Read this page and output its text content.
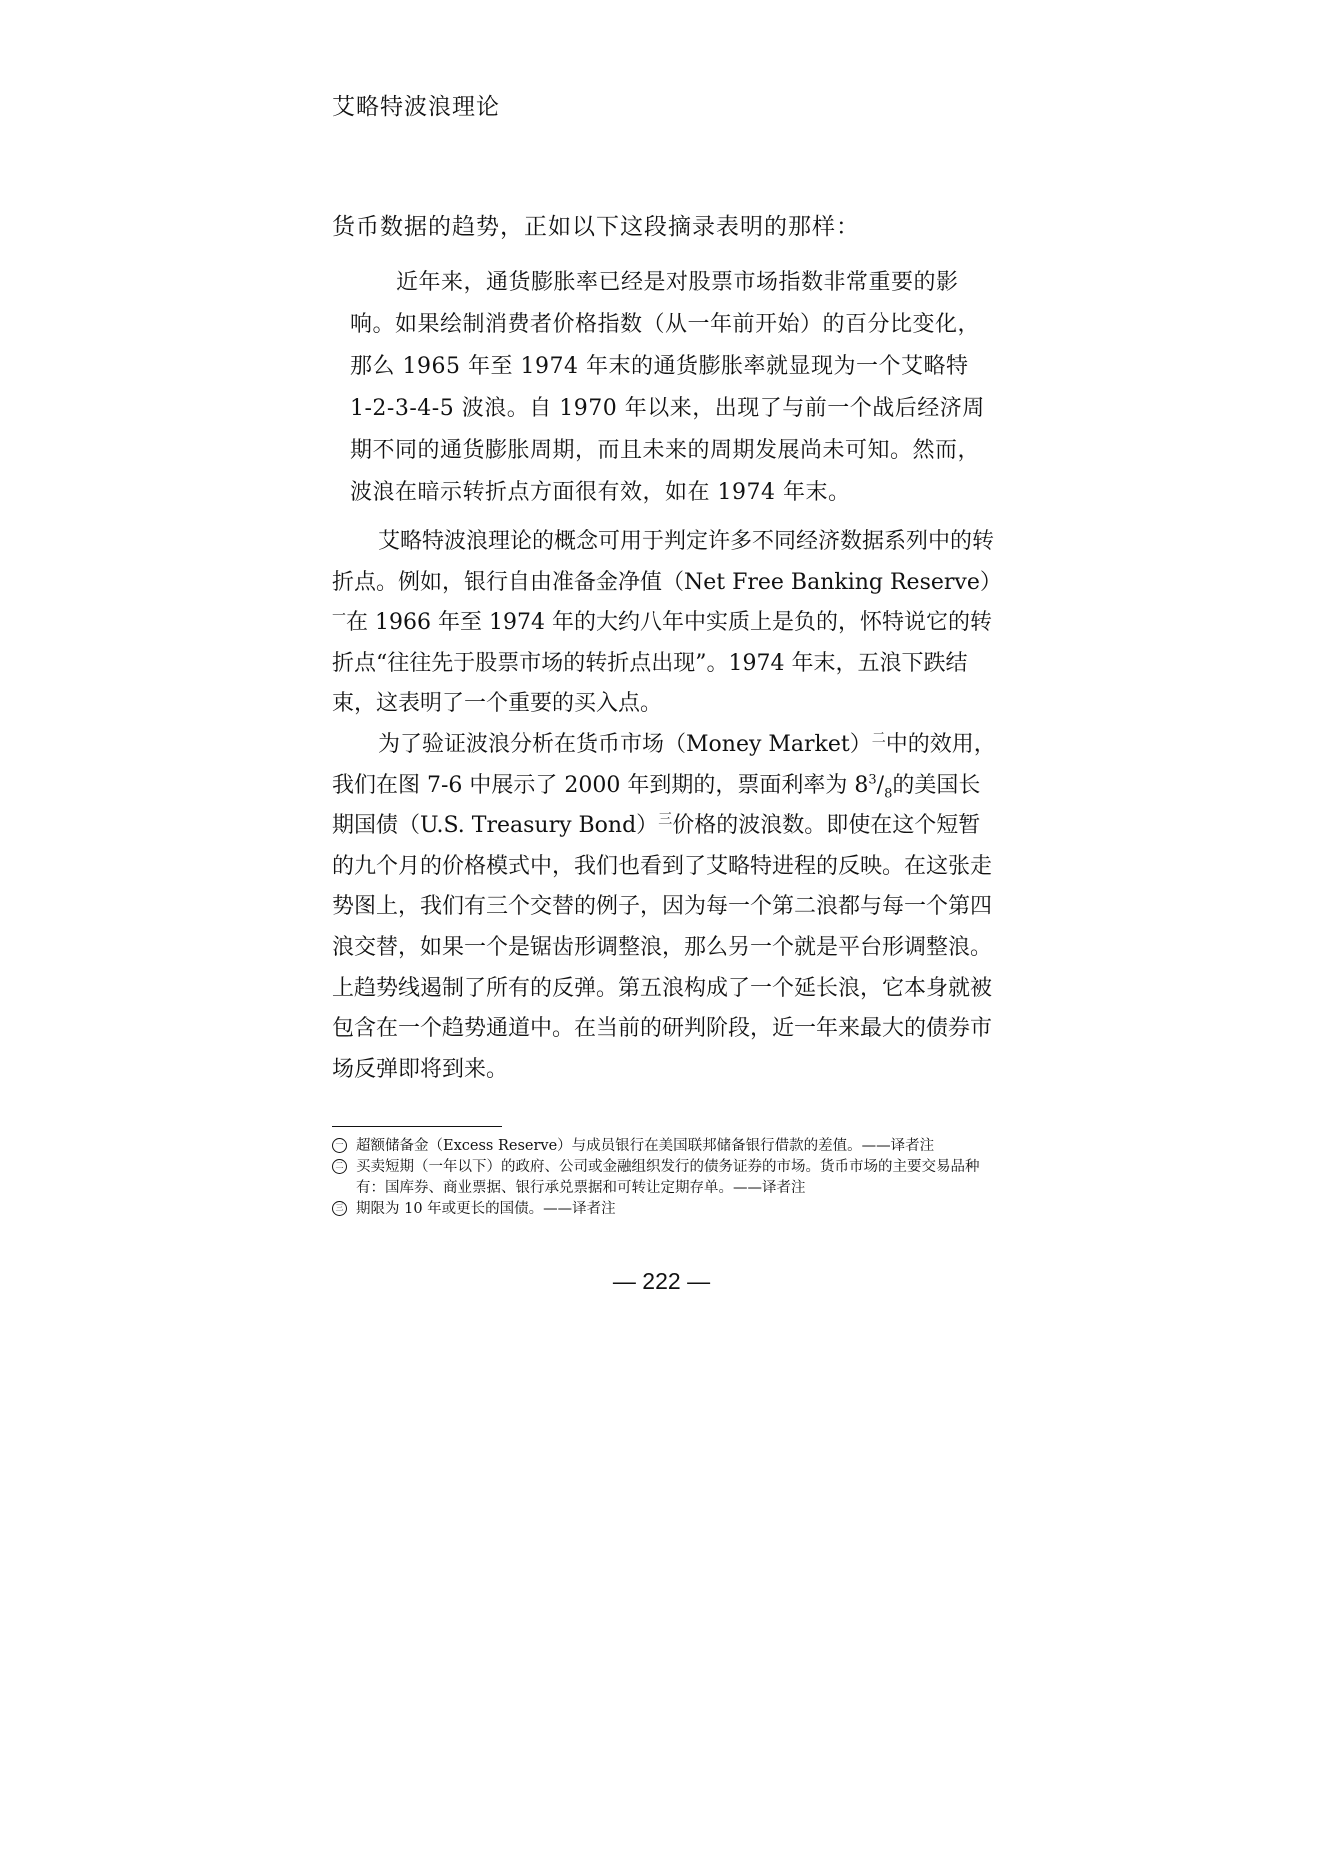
艾略特波浪理论
货币数据的趋势，正如以下这段摘录表明的那样：

近年来，通货膨胀率已经是对股票市场指数非常重要的影响。如果绘制消费者价格指数（从一年前开始）的百分比变化，那么 1965 年至 1974 年末的通货膨胀率就显现为一个艾略特 1-2-3-4-5 波浪。自 1970 年以来，出现了与前一个战后经济周期不同的通货膨胀周期，而且未来的周期发展尚未可知。然而，波浪在暗示转折点方面很有效，如在 1974 年末。

艾略特波浪理论的概念可用于判定许多不同经济数据系列中的转折点。例如，银行自由准备金净值（Net Free Banking Reserve）$^一$在 1966 年至 1974 年的大约八年中实质上是负的，怀特说它的转折点“往往先于股票市场的转折点出现”。1974 年末，五浪下跌结束，这表明了一个重要的买入点。

为了验证波浪分析在货币市场（Money Market）$^二$中的效用，我们在图 7-6 中展示了 2000 年到期的，票面利率为 $8^3/_8$的美国长期国债（U.S. Treasury Bond）$^三$价格的波浪数。即使在这个短暂的九个月的价格模式中，我们也看到了艾略特进程的反映。在这张走势图上，我们有三个交替的例子，因为每一个第二浪都与每一个第四浪交替，如果一个是锯齿形调整浪，那么另一个就是平台形调整浪。上趋势线遏制了所有的反弹。第五浪构成了一个延长浪，它本身就被包含在一个趋势通道中。在当前的研判阶段，近一年来最大的债券市场反弹即将到来。

一 超额储备金（Excess Reserve）与成员银行在美国联邦储备银行借款的差值。——译者注
二 买卖短期（一年以下）的政府、公司或金融组织发行的债务证券的市场。货币市场的主要交易品种有：国库券、商业票据、银行承兑票据和可转让定期存单。——译者注
三 期限为 10 年或更长的国债。——译者注
— 222 —
